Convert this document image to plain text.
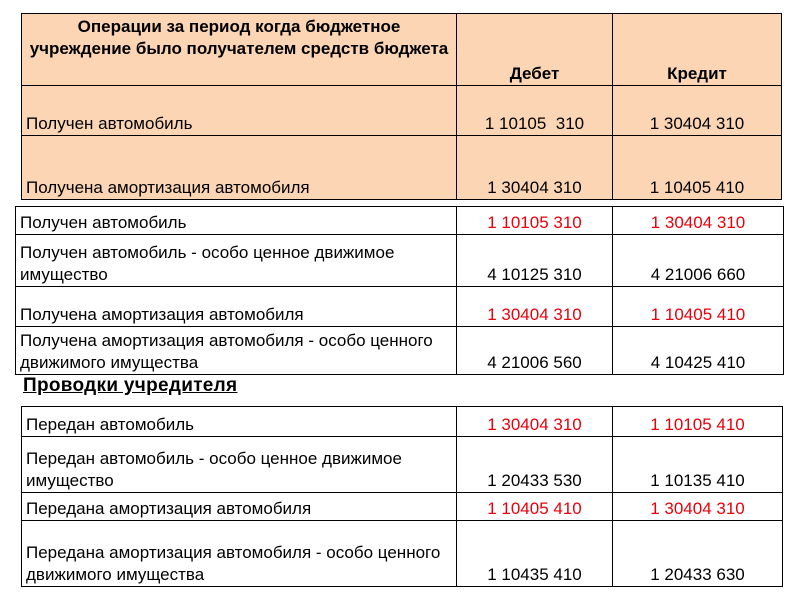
Операции за период когда бюджетное учреждение было получателем средств бюджета	Дебет	Кредит
Получен автомобиль	1 10105  310	1 30404 310
Получена амортизация автомобиля	1 30404 310	1 10405 410
Получен автомобиль	1 10105 310	1 30404 310
Получен автомобиль - особо ценное движимое имущество	4 10125 310	4 21006 660
Получена амортизация автомобиля	1 30404 310	1 10405 410
Получена амортизация автомобиля - особо ценного движимого имущества	4 21006 560	4 10425 410

Проводки учредителя

Передан автомобиль	1 30404 310	1 10105 410
Передан автомобиль - особо ценное движимое имущество	1 20433 530	1 10135 410
Передана амортизация автомобиля	1 10405 410	1 30404 310
Передана амортизация автомобиля - особо ценного движимого имущества	1 10435 410	1 20433 630
